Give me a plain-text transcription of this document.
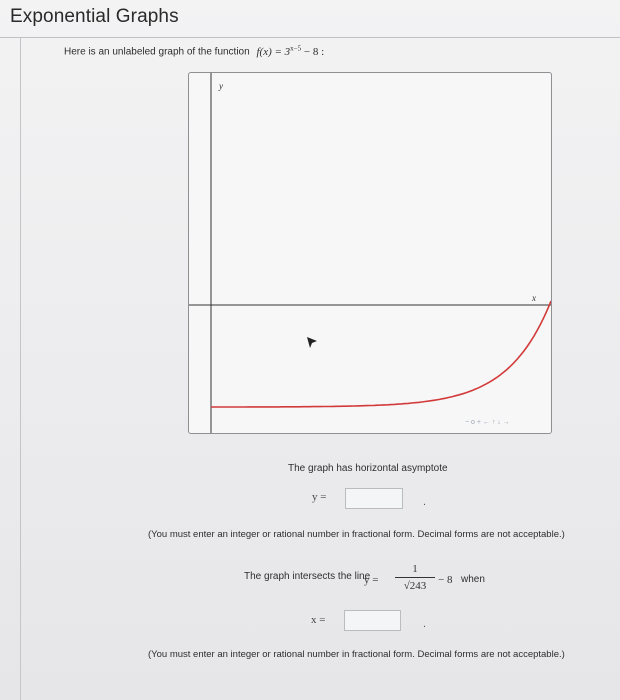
Exponential Graphs
Here is an unlabeled graph of the function $f(x) = 3^{x-5} - 8$ :
y
x
− o + ← ↑ ↓ →
The graph has horizontal asymptote
y =	.
(You must enter an integer or rational number in fractional form. Decimal forms are not acceptable.)
The graph intersects the line
y =
1
√243	− 8 when
x =	.
(You must enter an integer or rational number in fractional form. Decimal forms are not acceptable.)
